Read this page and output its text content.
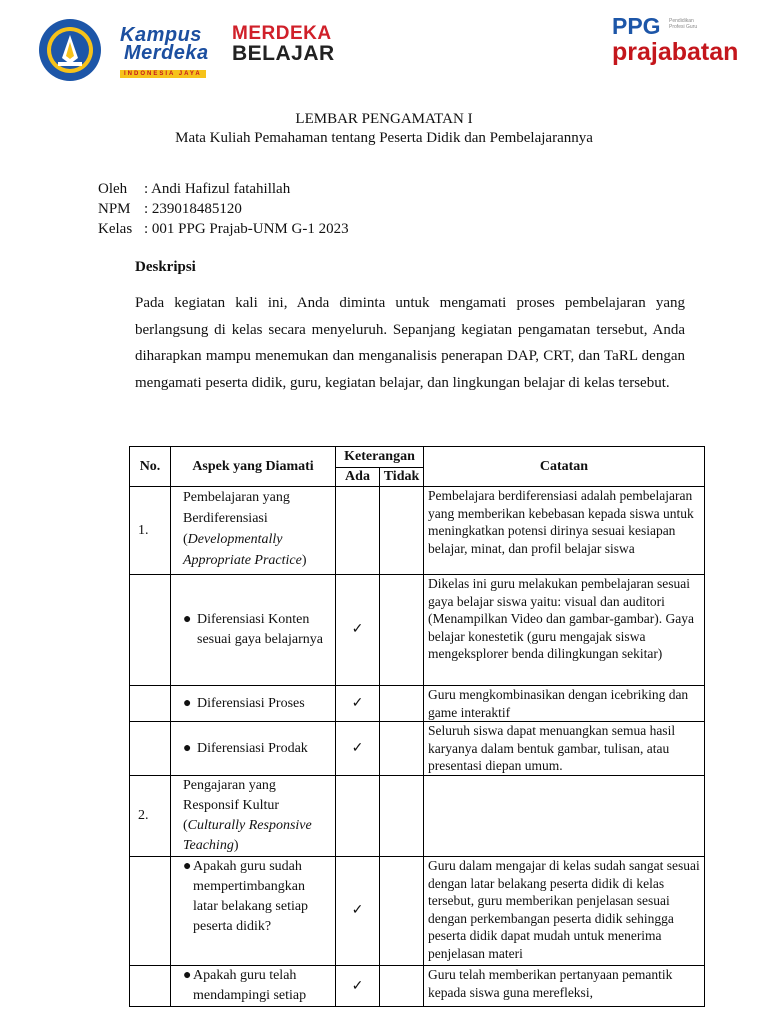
Kampus
Merdeka
INDONESIA JAYA
MERDEKA
BELAJAR
PPG Pendidikan Profesi Guru
prajabatan
LEMBAR PENGAMATAN I
Mata Kuliah Pemahaman tentang Peserta Didik dan Pembelajarannya
Oleh	: Andi Hafizul fatahillah
NPM : 239018485120
Kelas : 001 PPG Prajab-UNM G-1 2023
Deskripsi
Pada kegiatan kali ini, Anda diminta untuk mengamati proses pembelajaran yang berlangsung di kelas secara menyeluruh. Sepanjang kegiatan pengamatan tersebut, Anda diharapkan mampu menemukan dan menganalisis penerapan DAP, CRT, dan TaRL dengan mengamati peserta didik, guru, kegiatan belajar, dan lingkungan belajar di kelas tersebut.
No.	Aspek yang Diamati	Keterangan		Catatan
		Ada	Tidak	
1.	Pembelajaran yang Berdiferensiasi
(Developmentally Appropriate Practice)			Pembelajara berdiferensiasi adalah pembelajaran yang memberikan kebebasan kepada siswa untuk meningkatkan potensi dirinya sesuai kesiapan belajar, minat, dan profil belajar siswa

	● Diferensiasi Konten sesuai gaya belajarnya	✓		Dikelas ini guru melakukan pembelajaran sesuai gaya belajar siswa yaitu: visual dan auditori (Menampilkan Video dan gambar-gambar). Gaya belajar konestetik (guru mengajak siswa mengeksplorer benda dilingkungan sekitar)

	● Diferensiasi Proses	✓		Guru mengkombinasikan dengan icebriking dan game interaktif

	● Diferensiasi Prodak	✓		Seluruh siswa dapat menuangkan semua hasil karyanya dalam bentuk gambar, tulisan, atau presentasi diepan umum.
2.	Pengajaran yang Responsif Kultur
(Culturally Responsive Teaching)			

	● Apakah guru sudah mempertimbangkan latar belakang setiap peserta didik?	✓		Guru dalam mengajar di kelas sudah sangat sesuai dengan latar belakang peserta didik di kelas tersebut, guru memberikan penjelasan sesuai dengan perkembangan peserta didik sehingga peserta didik dapat mudah untuk menerima penjelasan materi

	● Apakah guru telah mendampingi setiap	✓		Guru telah memberikan pertanyaan pemantik kepada siswa guna merefleksi,
